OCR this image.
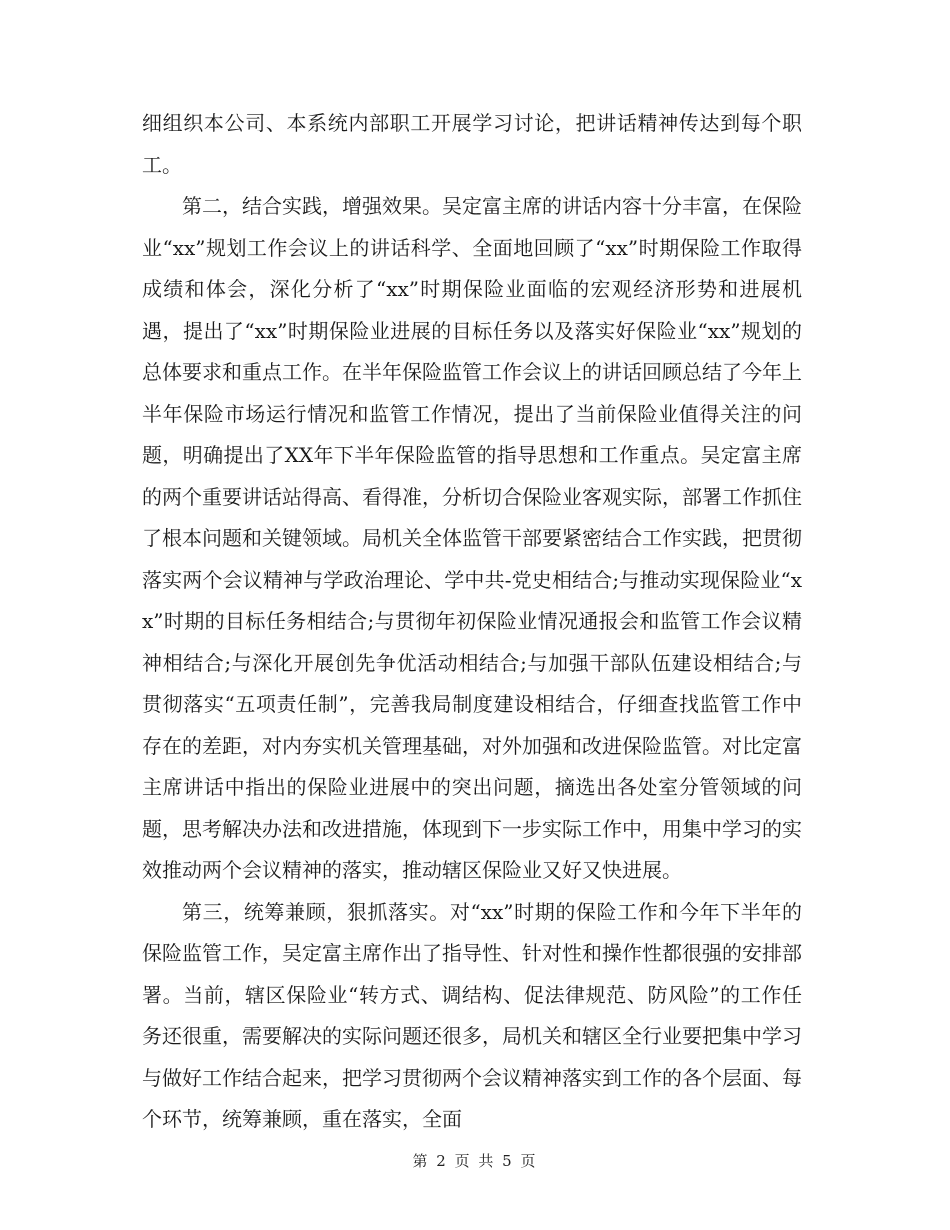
细组织本公司、本系统内部职工开展学习讨论，把讲话精神传达到每个职工。

第二，结合实践，增强效果。吴定富主席的讲话内容十分丰富，在保险业“xx”规划工作会议上的讲话科学、全面地回顾了“xx”时期保险工作取得成绩和体会，深化分析了“xx”时期保险业面临的宏观经济形势和进展机遇，提出了“xx”时期保险业进展的目标任务以及落实好保险业“xx”规划的总体要求和重点工作。在半年保险监管工作会议上的讲话回顾总结了今年上半年保险市场运行情况和监管工作情况，提出了当前保险业值得关注的问题，明确提出了XX年下半年保险监管的指导思想和工作重点。吴定富主席的两个重要讲话站得高、看得准，分析切合保险业客观实际，部署工作抓住了根本问题和关键领域。局机关全体监管干部要紧密结合工作实践，把贯彻落实两个会议精神与学政治理论、学中共-党史相结合;与推动实现保险业“xx”时期的目标任务相结合;与贯彻年初保险业情况通报会和监管工作会议精神相结合;与深化开展创先争优活动相结合;与加强干部队伍建设相结合;与贯彻落实“五项责任制”，完善我局制度建设相结合，仔细查找监管工作中存在的差距，对内夯实机关管理基础，对外加强和改进保险监管。对比定富主席讲话中指出的保险业进展中的突出问题，摘选出各处室分管领域的问题，思考解决办法和改进措施，体现到下一步实际工作中，用集中学习的实效推动两个会议精神的落实，推动辖区保险业又好又快进展。

第三，统筹兼顾，狠抓落实。对“xx”时期的保险工作和今年下半年的保险监管工作，吴定富主席作出了指导性、针对性和操作性都很强的安排部署。当前，辖区保险业“转方式、调结构、促法律规范、防风险”的工作任务还很重，需要解决的实际问题还很多，局机关和辖区全行业要把集中学习与做好工作结合起来，把学习贯彻两个会议精神落实到工作的各个层面、每个环节，统筹兼顾，重在落实，全面

第 2 页 共 5 页
